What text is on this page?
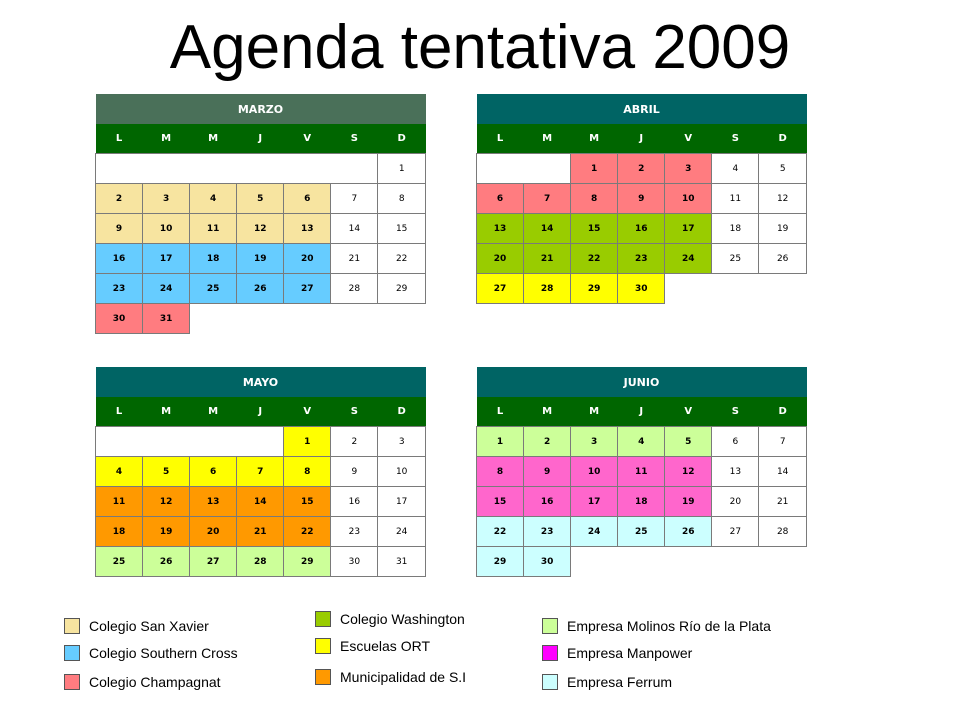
Agenda tentativa 2009
MARZO						
L	M	M	J	V	S	D
						1
2	3	4	5	6	7	8
9	10	11	12	13	14	15
16	17	18	19	20	21	22
23	24	25	26	27	28	29
30	31					
ABRIL						
L	M	M	J	V	S	D
		1	2	3	4	5
6	7	8	9	10	11	12
13	14	15	16	17	18	19
20	21	22	23	24	25	26
27	28	29	30			
MAYO						
L	M	M	J	V	S	D
				1	2	3
4	5	6	7	8	9	10
11	12	13	14	15	16	17
18	19	20	21	22	23	24
25	26	27	28	29	30	31
JUNIO						
L	M	M	J	V	S	D
1	2	3	4	5	6	7
8	9	10	11	12	13	14
15	16	17	18	19	20	21
22	23	24	25	26	27	28
29	30					
Colegio San Xavier
Colegio Southern Cross
Colegio Champagnat
Colegio Washington
Escuelas ORT
Municipalidad de S.I
Empresa Molinos Río de la Plata
Empresa Manpower
Empresa Ferrum
